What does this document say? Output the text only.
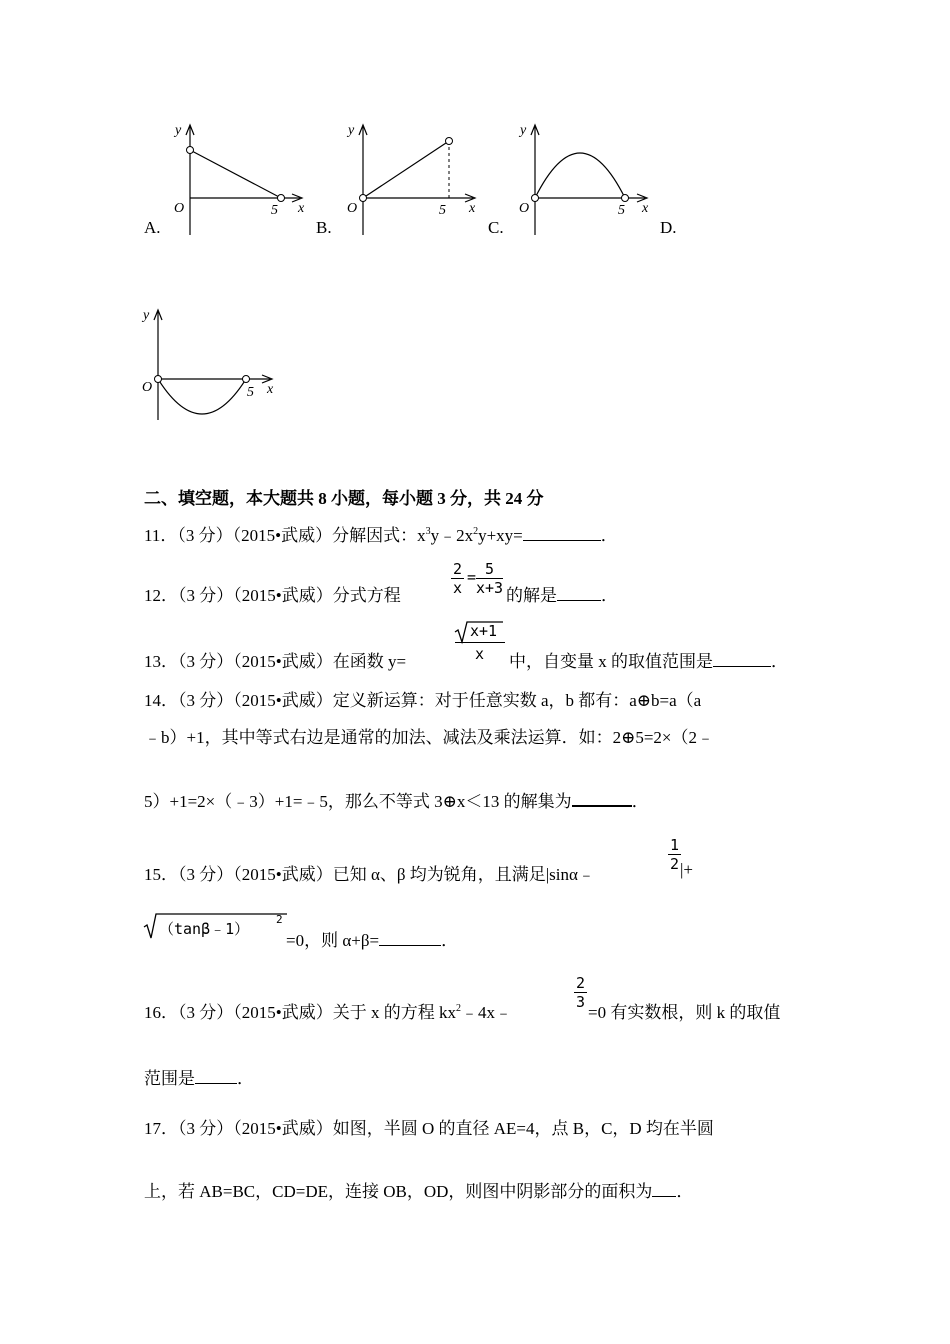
A.
y
O	5 x
B.
y
O	5 x
C.
y
O	5 x
D.
y
O	5 x
二、填空题，本大题共 8 小题，每小题 3 分，共 24 分
11．（3 分）（2015•武威）分解因式：$x^3y﹣2x^2y+xy=$	．
12．（3 分）（2015•武威）分式方程	$\frac{2}{x} = \frac{5}{x+3}$ 的解是	．
13．（3 分）（2015•武威）在函数 y=
x+1
x 中，自变量 x 的取值范围是	．
14．（3 分）（2015•武威）定义新运算：对于任意实数 a，b 都有：a⊕b=a（a
﹣b）+1，其中等式右边是通常的加法、减法及乘法运算．如：2⊕5=2×（2﹣
5）+1=2×（﹣3）+1=﹣5，那么不等式 3⊕x＜13 的解集为	．
15．（3 分）（2015•武威）已知 α、β 均为锐角，且满足|sinα﹣
$\frac{1}{2}$
|+
（tanβ﹣1）
2
=0，则 α+β=	．
16．（3 分）（2015•武威）关于 x 的方程 $kx^2﹣4x﹣$
$\frac{2}{3}$
=0 有实数根，则 k 的取值
范围是 ．
17．（3 分）（2015•武威）如图，半圆 O 的直径 AE=4，点 B，C，D 均在半圆
上，若 AB=BC，CD=DE，连接 OB，OD，则图中阴影部分的面积为 ．
